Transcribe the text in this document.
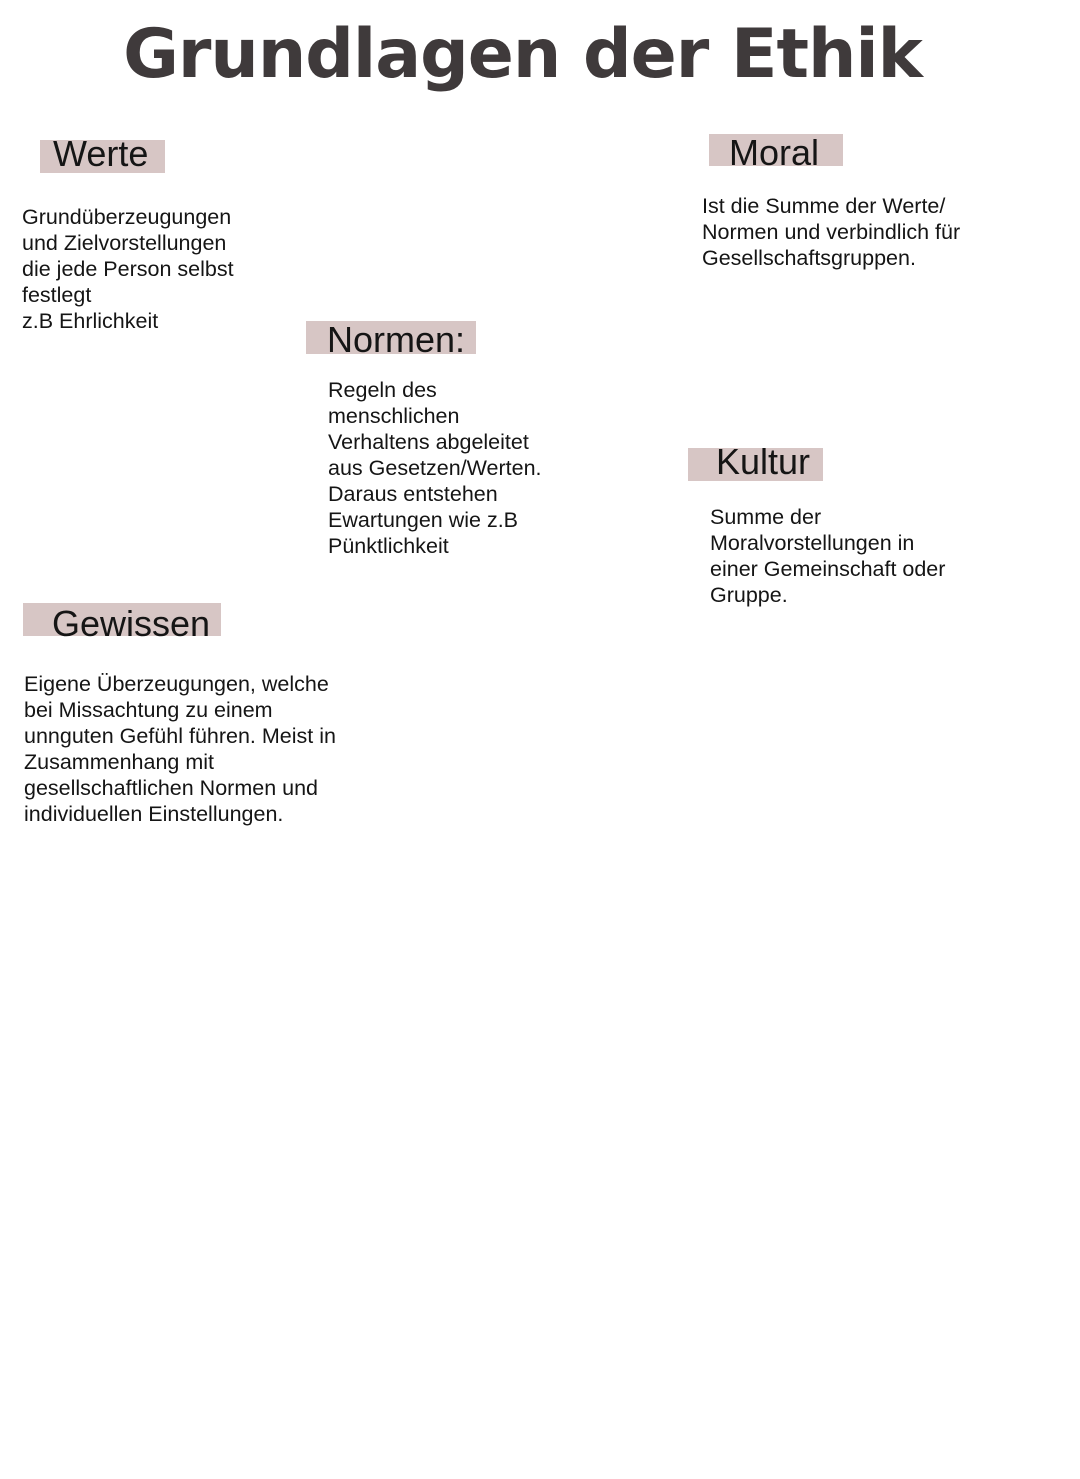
Grundlagen der Ethik
Werte
Grundüberzeugungen
und Zielvorstellungen
die jede Person selbst
festlegt
z.B Ehrlichkeit
Moral
Ist die Summe der Werte/
Normen und verbindlich für
Gesellschaftsgruppen.
Normen:
Regeln des
menschlichen
Verhaltens abgeleitet
aus Gesetzen/Werten.
Daraus entstehen
Ewartungen wie z.B
Pünktlichkeit
Kultur
Summe der
Moralvorstellungen in
einer Gemeinschaft oder
Gruppe.
Gewissen
Eigene Überzeugungen, welche
bei Missachtung zu einem
unnguten Gefühl führen. Meist in
Zusammenhang mit
gesellschaftlichen Normen und
individuellen Einstellungen.
